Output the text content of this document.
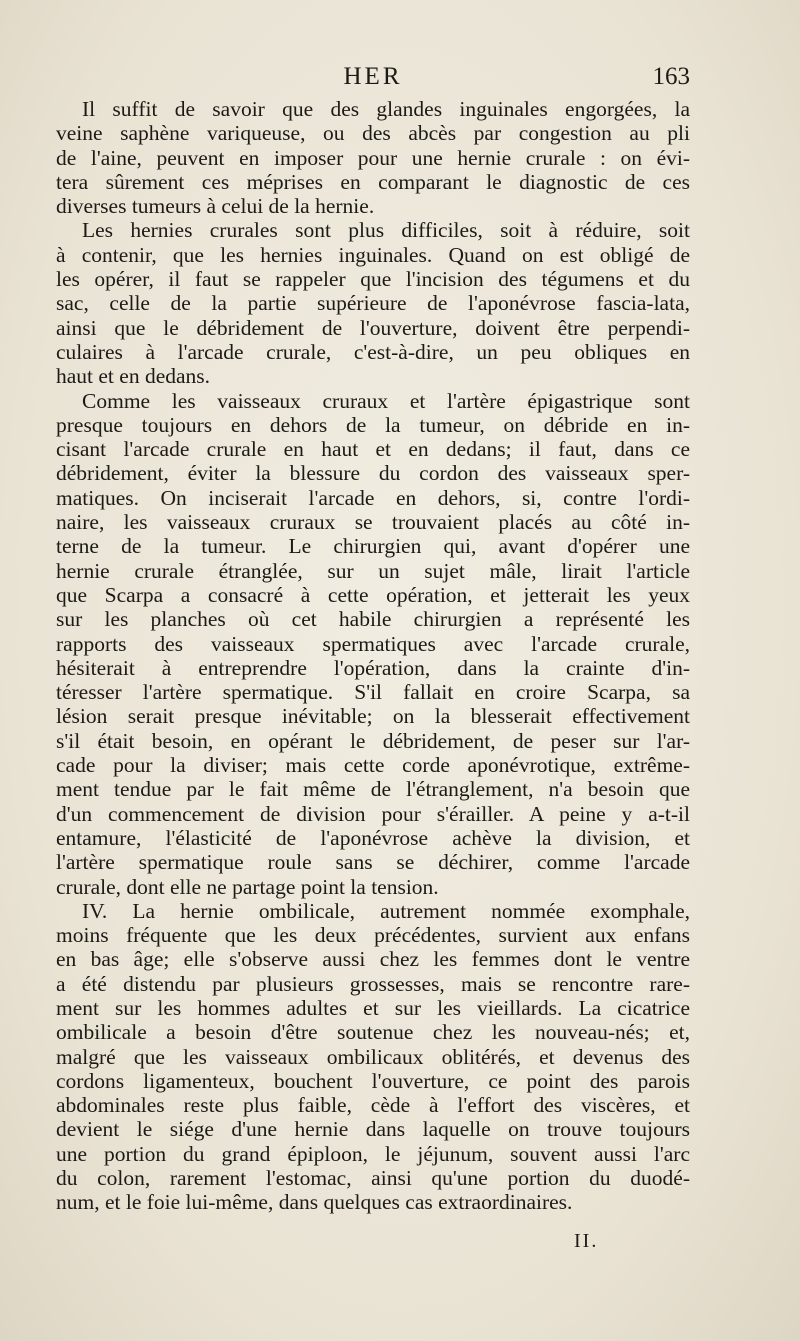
HER	163
Il suffit de savoir que des glandes inguinales engorgées, la
veine saphène variqueuse, ou des abcès par congestion au pli
de l'aine, peuvent en imposer pour une hernie crurale : on évi-
tera sûrement ces méprises en comparant le diagnostic de ces
diverses tumeurs à celui de la hernie.
Les hernies crurales sont plus difficiles, soit à réduire, soit
à contenir, que les hernies inguinales. Quand on est obligé de
les opérer, il faut se rappeler que l'incision des tégumens et du
sac, celle de la partie supérieure de l'aponévrose fascia-lata,
ainsi que le débridement de l'ouverture, doivent être perpendi-
culaires à l'arcade crurale, c'est-à-dire, un peu obliques en
haut et en dedans.
Comme les vaisseaux cruraux et l'artère épigastrique sont
presque toujours en dehors de la tumeur, on débride en in-
cisant l'arcade crurale en haut et en dedans; il faut, dans ce
débridement, éviter la blessure du cordon des vaisseaux sper-
matiques. On inciserait l'arcade en dehors, si, contre l'ordi-
naire, les vaisseaux cruraux se trouvaient placés au côté in-
terne de la tumeur. Le chirurgien qui, avant d'opérer une
hernie crurale étranglée, sur un sujet mâle, lirait l'article
que Scarpa a consacré à cette opération, et jetterait les yeux
sur les planches où cet habile chirurgien a représenté les
rapports des vaisseaux spermatiques avec l'arcade crurale,
hésiterait à entreprendre l'opération, dans la crainte d'in-
téresser l'artère spermatique. S'il fallait en croire Scarpa, sa
lésion serait presque inévitable; on la blesserait effectivement
s'il était besoin, en opérant le débridement, de peser sur l'ar-
cade pour la diviser; mais cette corde aponévrotique, extrême-
ment tendue par le fait même de l'étranglement, n'a besoin que
d'un commencement de division pour s'érailler. A peine y a-t-il
entamure, l'élasticité de l'aponévrose achève la division, et
l'artère spermatique roule sans se déchirer, comme l'arcade
crurale, dont elle ne partage point la tension.
IV. La hernie ombilicale, autrement nommée exomphale,
moins fréquente que les deux précédentes, survient aux enfans
en bas âge; elle s'observe aussi chez les femmes dont le ventre
a été distendu par plusieurs grossesses, mais se rencontre rare-
ment sur les hommes adultes et sur les vieillards. La cicatrice
ombilicale a besoin d'être soutenue chez les nouveau-nés; et,
malgré que les vaisseaux ombilicaux oblitérés, et devenus des
cordons ligamenteux, bouchent l'ouverture, ce point des parois
abdominales reste plus faible, cède à l'effort des viscères, et
devient le siége d'une hernie dans laquelle on trouve toujours
une portion du grand épiploon, le jéjunum, souvent aussi l'arc
du colon, rarement l'estomac, ainsi qu'une portion du duodé-
num, et le foie lui-même, dans quelques cas extraordinaires.
II.
